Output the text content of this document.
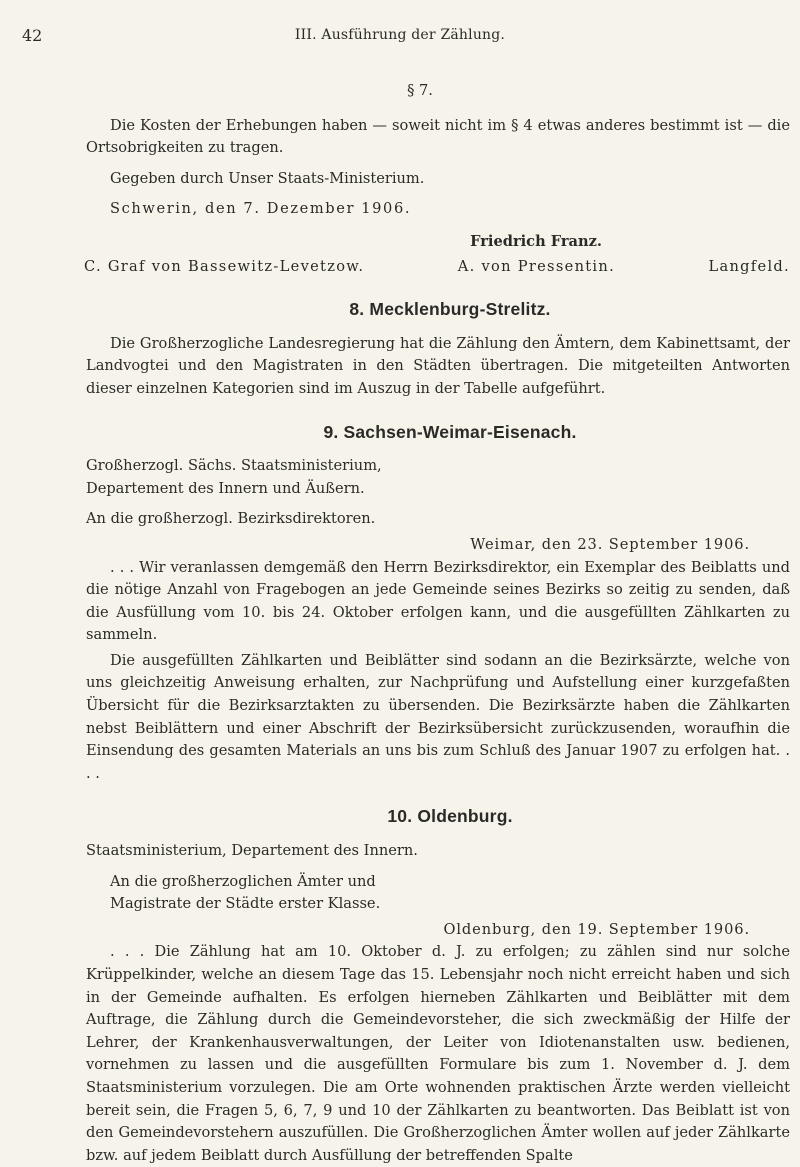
42	III. Ausführung der Zählung.

§ 7.

Die Kosten der Erhebungen haben — soweit nicht im § 4 etwas anderes bestimmt ist — die Ortsobrigkeiten zu tragen.

Gegeben durch Unser Staats-Ministerium.

Schwerin, den 7. Dezember 1906.

Friedrich Franz.

C. Graf von Bassewitz-Levetzow.	A. von Pressentin.	Langfeld.
8. Mecklenburg-Strelitz.

Die Großherzogliche Landesregierung hat die Zählung den Ämtern, dem Kabinettsamt, der Landvogtei und den Magistraten in den Städten übertragen. Die mitgeteilten Antworten dieser einzelnen Kategorien sind im Auszug in der Tabelle aufgeführt.

9. Sachsen-Weimar-Eisenach.

Großherzogl. Sächs. Staatsministerium,

Departement des Innern und Äußern.

An die großherzogl. Bezirksdirektoren.

Weimar, den 23. September 1906.

. . . Wir veranlassen demgemäß den Herrn Bezirksdirektor, ein Exemplar des Beiblatts und die nötige Anzahl von Fragebogen an jede Gemeinde seines Bezirks so zeitig zu senden, daß die Ausfüllung vom 10. bis 24. Oktober erfolgen kann, und die ausgefüllten Zählkarten zu sammeln.

Die ausgefüllten Zählkarten und Beiblätter sind sodann an die Bezirksärzte, welche von uns gleichzeitig Anweisung erhalten, zur Nachprüfung und Aufstellung einer kurzgefaßten Übersicht für die Bezirksarztakten zu übersenden. Die Bezirksärzte haben die Zählkarten nebst Beiblättern und einer Abschrift der Bezirksübersicht zurückzusenden, woraufhin die Einsendung des gesamten Materials an uns bis zum Schluß des Januar 1907 zu erfolgen hat. . . .

10. Oldenburg.

Staatsministerium, Departement des Innern.

An die großherzoglichen Ämter und

Magistrate der Städte erster Klasse.

Oldenburg, den 19. September 1906.

. . . Die Zählung hat am 10. Oktober d. J. zu erfolgen; zu zählen sind nur solche Krüppelkinder, welche an diesem Tage das 15. Lebensjahr noch nicht erreicht haben und sich in der Gemeinde aufhalten. Es erfolgen hierneben Zählkarten und Beiblätter mit dem Auftrage, die Zählung durch die Gemeindevorsteher, die sich zweckmäßig der Hilfe der Lehrer, der Krankenhausverwaltungen, der Leiter von Idiotenanstalten usw. bedienen, vornehmen zu lassen und die ausgefüllten Formulare bis zum 1. November d. J. dem Staatsministerium vorzulegen. Die am Orte wohnenden praktischen Ärzte werden vielleicht bereit sein, die Fragen 5, 6, 7, 9 und 10 der Zählkarten zu beantworten. Das Beiblatt ist von den Gemeindevorstehern auszufüllen. Die Großherzoglichen Ämter wollen auf jeder Zählkarte bzw. auf jedem Beiblatt durch Ausfüllung der betreffenden Spalte
